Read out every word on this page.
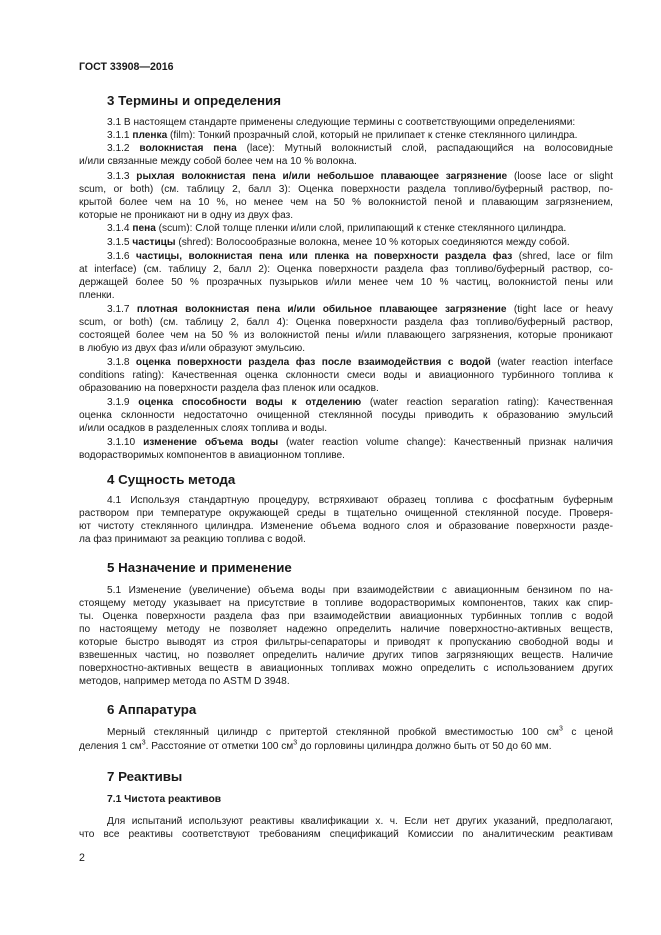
ГОСТ 33908—2016
3 Термины и определения
3.1 В настоящем стандарте применены следующие термины с соответствующими определениями:
3.1.1 пленка (film): Тонкий прозрачный слой, который не прилипает к стенке стеклянного цилиндра.
3.1.2 волокнистая пена (lace): Мутный волокнистый слой, распадающийся на волосовидные
и/или связанные между собой более чем на 10 % волокна.
3.1.3 рыхлая волокнистая пена и/или небольшое плавающее загрязнение (loose lace or slight
scum, or both) (см. таблицу 2, балл 3): Оценка поверхности раздела топливо/буферный раствор, по-
крытой более чем на 10 %, но менее чем на 50 % волокнистой пеной и плавающим загрязнением,
которые не проникают ни в одну из двух фаз.
3.1.4 пена (scum): Слой толще пленки и/или слой, прилипающий к стенке стеклянного цилиндра.
3.1.5 частицы (shred): Волосообразные волокна, менее 10 % которых соединяются между собой.
3.1.6 частицы, волокнистая пена или пленка на поверхности раздела фаз (shred, lace or film
at interface) (см. таблицу 2, балл 2): Оценка поверхности раздела фаз топливо/буферный раствор, со-
держащей более 50 % прозрачных пузырьков и/или менее чем 10 % частиц, волокнистой пены или
пленки.
3.1.7 плотная волокнистая пена и/или обильное плавающее загрязнение (tight lace or heavy
scum, or both) (см. таблицу 2, балл 4): Оценка поверхности раздела фаз топливо/буферный раствор,
состоящей более чем на 50 % из волокнистой пены и/или плавающего загрязнения, которые проникают
в любую из двух фаз и/или образуют эмульсию.
3.1.8 оценка поверхности раздела фаз после взаимодействия с водой (water reaction interface
conditions rating): Качественная оценка склонности смеси воды и авиационного турбинного топлива к
образованию на поверхности раздела фаз пленок или осадков.
3.1.9 оценка способности воды к отделению (water reaction separation rating): Качественная
оценка склонности недостаточно очищенной стеклянной посуды приводить к образованию эмульсий
и/или осадков в разделенных слоях топлива и воды.
3.1.10 изменение объема воды (water reaction volume change): Качественный признак наличия
водорастворимых компонентов в авиационном топливе.
4 Сущность метода
4.1 Используя стандартную процедуру, встряхивают образец топлива с фосфатным буферным
раствором при температуре окружающей среды в тщательно очищенной стеклянной посуде. Проверя-
ют чистоту стеклянного цилиндра. Изменение объема водного слоя и образование поверхности разде-
ла фаз принимают за реакцию топлива с водой.
5 Назначение и применение
5.1 Изменение (увеличение) объема воды при взаимодействии с авиационным бензином по на-
стоящему методу указывает на присутствие в топливе водорастворимых компонентов, таких как спир-
ты. Оценка поверхности раздела фаз при взаимодействии авиационных турбинных топлив с водой
по настоящему методу не позволяет надежно определить наличие поверхностно-активных веществ,
которые быстро выводят из строя фильтры-сепараторы и приводят к пропусканию свободной воды и
взвешенных частиц, но позволяет определить наличие других типов загрязняющих веществ. Наличие
поверхностно-активных веществ в авиационных топливах можно определить с использованием других
методов, например метода по ASTM D 3948.
6 Аппаратура
Мерный стеклянный цилиндр с притертой стеклянной пробкой вместимостью 100 $см^3$ с ценой
деления 1 $см^3$. Расстояние от отметки 100 $см^3$ до горловины цилиндра должно быть от 50 до 60 мм.
7 Реактивы
7.1 Чистота реактивов
Для испытаний используют реактивы квалификации х. ч. Если нет других указаний, предполагают,
что все реактивы соответствуют требованиям спецификаций Комиссии по аналитическим реактивам
2
